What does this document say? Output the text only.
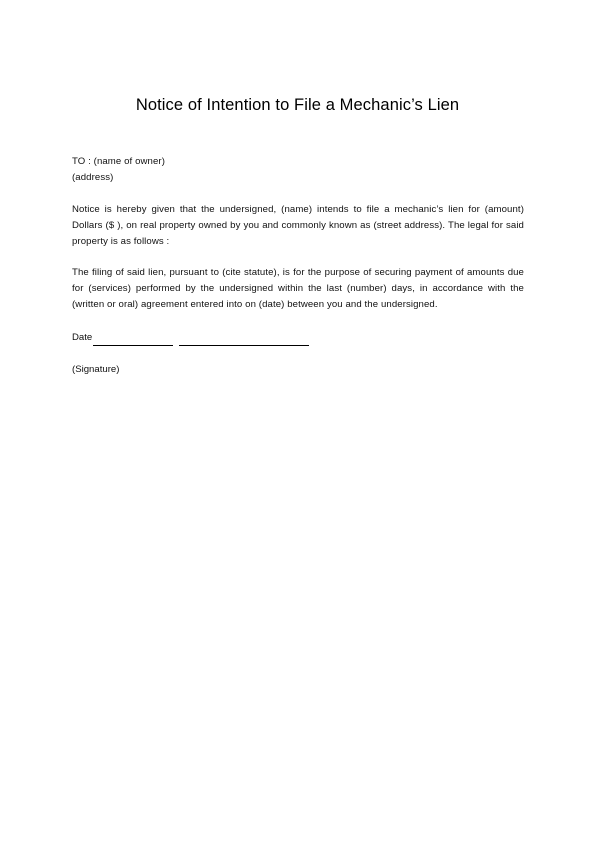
Notice of Intention to File a Mechanic’s Lien
TO : (name of owner)
(address)
Notice is hereby given that the undersigned, (name) intends to file a mechanic’s lien for (amount) Dollars ($ ), on real property owned by you and commonly known as (street address). The legal for said property is as follows :
The filing of said lien, pursuant to (cite statute), is for the purpose of securing payment of amounts due for (services) performed by the undersigned within the last (number) days, in accordance with the (written or oral) agreement entered into on (date) between you and the undersigned.
Date
(Signature)
